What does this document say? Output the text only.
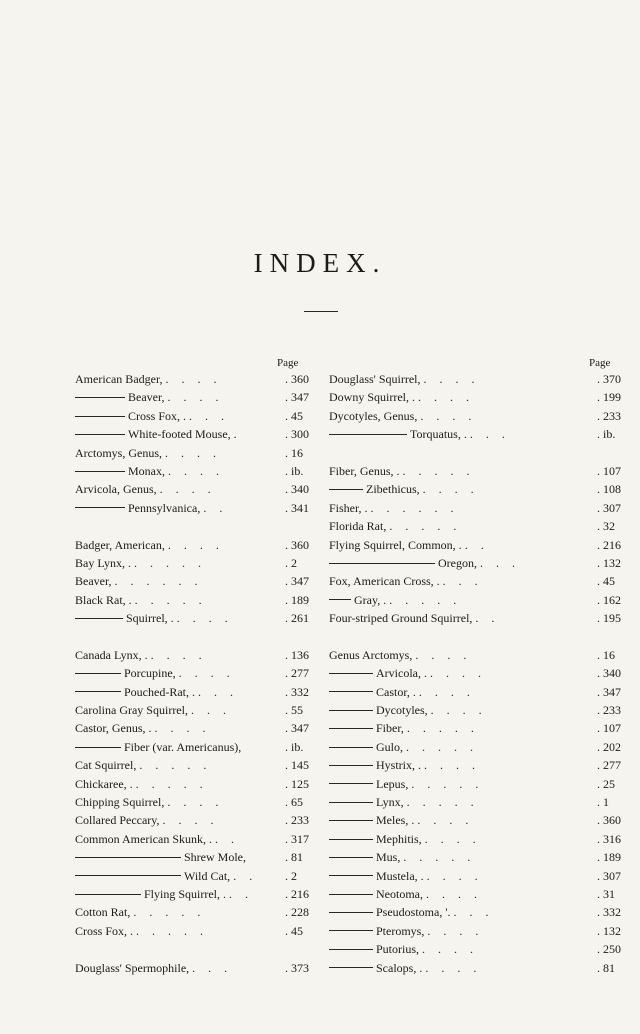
INDEX.
Page
American Badger, . . . .	. 360
Beaver, . . . .	. 347
Cross Fox, . . . .	. 45
White-footed Mouse, .	. 300
Arctomys, Genus, . . . .	. 16
Monax, . . . .	. ib.
Arvicola, Genus, . . . .	. 340
Pennsylvanica, . .	. 341
Badger, American, . . . .	. 360
Bay Lynx, . . . . . .	. 2
Beaver, . . . . . .	. 347
Black Rat, . . . . . .	. 189
Squirrel, . . . . .	. 261
Canada Lynx, . . . . .	. 136
Porcupine, . . . .	. 277
Pouched-Rat, . . . .	. 332
Carolina Gray Squirrel, . . .	. 55
Castor, Genus, . . . . .	. 347
Fiber (var. Americanus),	. ib.
Cat Squirrel, . . . . .	. 145
Chickaree, . . . . . .	. 125
Chipping Squirrel, . . . .	. 65
Collared Peccary, . . . .	. 233
Common American Skunk, . . .	. 317
Shrew Mole,	. 81
Wild Cat, . . . 2
Flying Squirrel, . . .	. 216
Cotton Rat, . . . . .	. 228
Cross Fox, . . . . . .	. 45
Douglass' Spermophile, . . .	. 373
Page
Douglass' Squirrel, . . . .	. 370
Downy Squirrel, . . . . .	. 199
Dycotyles, Genus, . . . .	. 233
Torquatus, . . . .	. ib.
Fiber, Genus, . . . . . .	. 107
Zibethicus, . . . .	. 108
Fisher, . . . . . . .	. 307
Florida Rat, . . . . .	. 32
Flying Squirrel, Common, . . .	. 216
Oregon, . . .	. 132
Fox, American Cross, . . . .	. 45
Gray, . . . . . .	. 162
Four-striped Ground Squirrel, . .	. 195
Genus Arctomys, . . . .	. 16
Arvicola, . . . . .	. 340
Castor, . . . . .	. 347
Dycotyles, . . . .	. 233
Fiber, . . . . .	. 107
Gulo, . . . . .	. 202
Hystrix, . . . . .	. 277
Lepus, . . . . .	. 25
Lynx, . . . . .	. 1
Meles, . . . . .	. 360
Mephitis, . . . .	. 316
Mus, . . . . .	. 189
Mustela, . . . . .	. 307
Neotoma, . . . .	. 31
Pseudostoma, '. . . .	. 332
Pteromys, . . . .	. 132
Putorius, . . . .	. 250
Scalops, . . . . .	. 81
